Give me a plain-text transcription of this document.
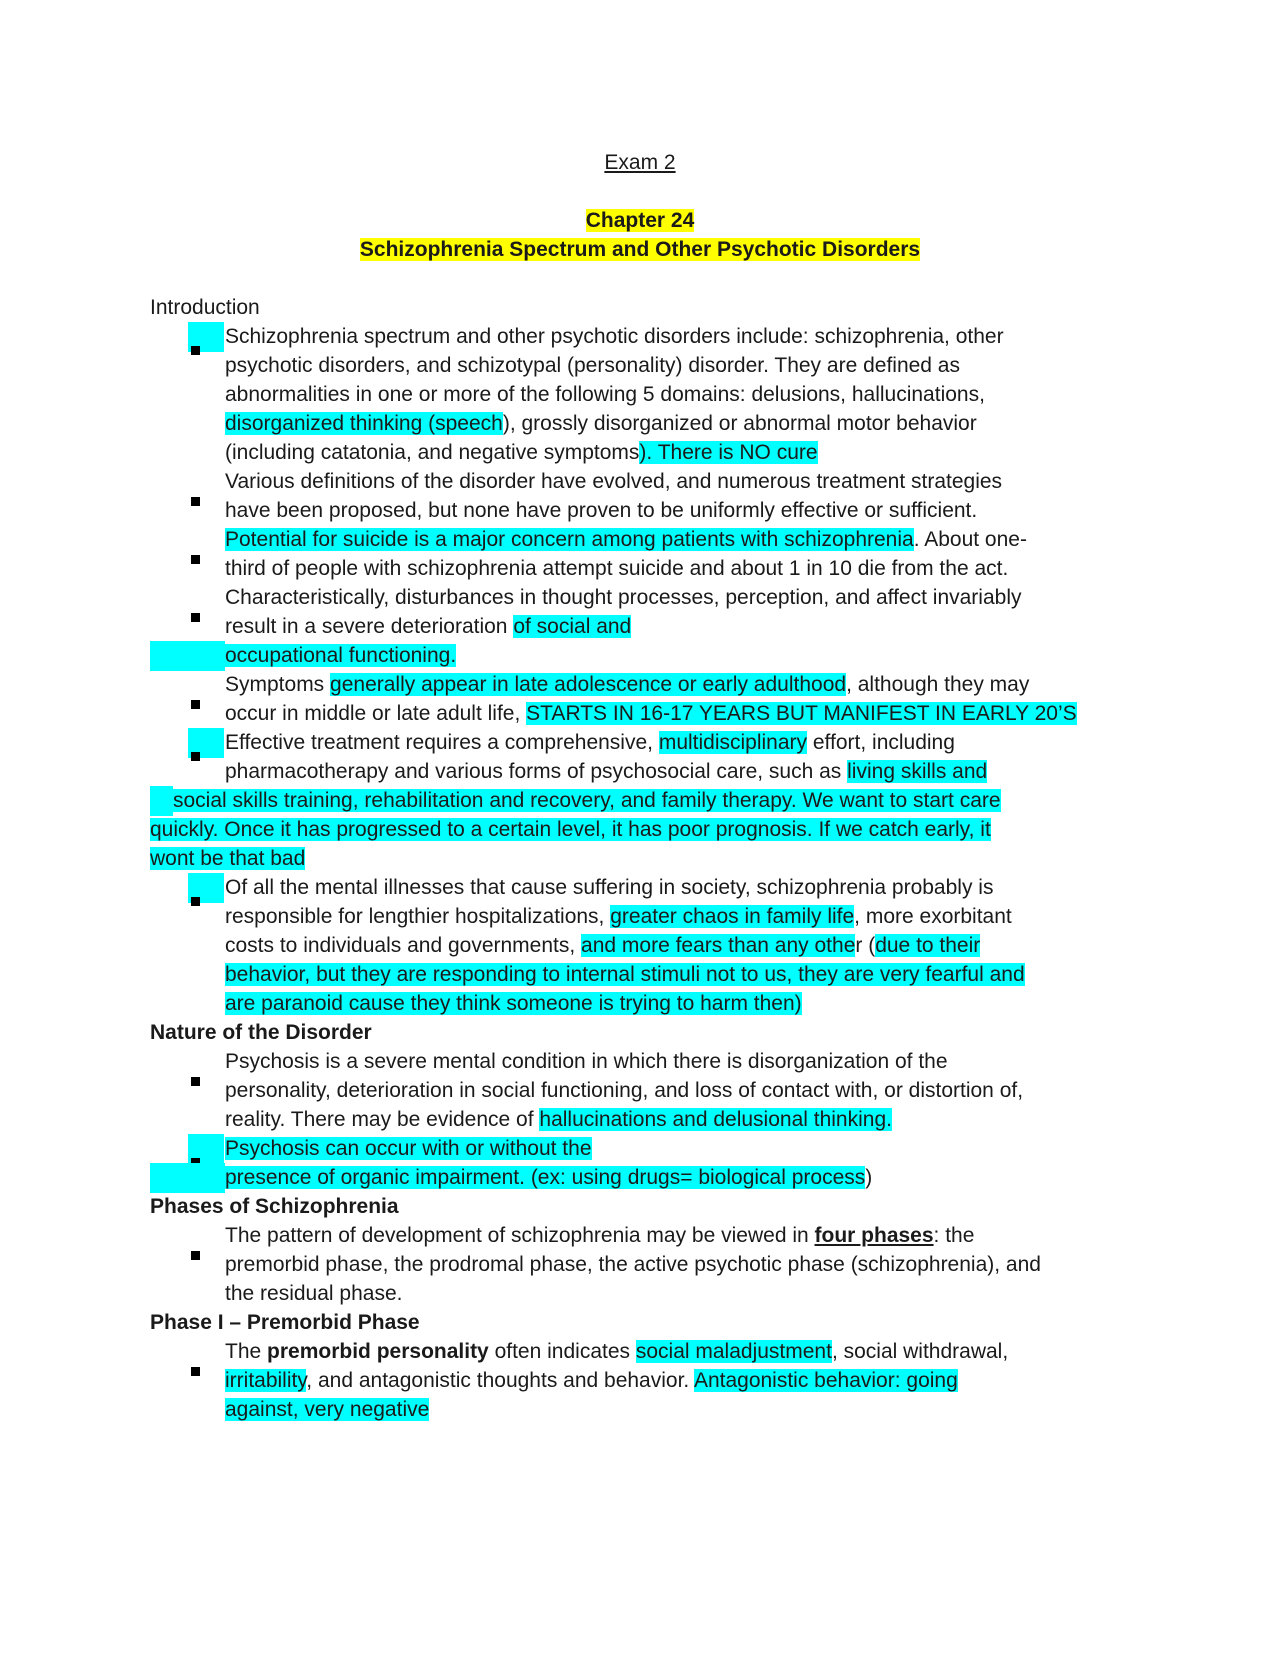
Exam 2
Chapter 24
Schizophrenia Spectrum and Other Psychotic Disorders
Introduction
Schizophrenia spectrum and other psychotic disorders include: schizophrenia, other
psychotic disorders, and schizotypal (personality) disorder. They are defined as
abnormalities in one or more of the following 5 domains: delusions, hallucinations,
disorganized thinking (speech), grossly disorganized or abnormal motor behavior
(including catatonia, and negative symptoms). There is NO cure
Various definitions of the disorder have evolved, and numerous treatment strategies
have been proposed, but none have proven to be uniformly effective or sufficient.
Potential for suicide is a major concern among patients with schizophrenia. About one-
third of people with schizophrenia attempt suicide and about 1 in 10 die from the act.
Characteristically, disturbances in thought processes, perception, and affect invariably
result in a severe deterioration of social and
occupational functioning.
Symptoms generally appear in late adolescence or early adulthood, although they may
occur in middle or late adult life, STARTS IN 16-17 YEARS BUT MANIFEST IN EARLY 20’S
Effective treatment requires a comprehensive, multidisciplinary effort, including
pharmacotherapy and various forms of psychosocial care, such as living skills and
social skills training, rehabilitation and recovery, and family therapy. We want to start care
quickly. Once it has progressed to a certain level, it has poor prognosis. If we catch early, it
wont be that bad
Of all the mental illnesses that cause suffering in society, schizophrenia probably is
responsible for lengthier hospitalizations, greater chaos in family life, more exorbitant
costs to individuals and governments, and more fears than any other (due to their
behavior, but they are responding to internal stimuli not to us, they are very fearful and
are paranoid cause they think someone is trying to harm then)
Nature of the Disorder
Psychosis is a severe mental condition in which there is disorganization of the
personality, deterioration in social functioning, and loss of contact with, or distortion of,
reality. There may be evidence of hallucinations and delusional thinking.
Psychosis can occur with or without the
presence of organic impairment. (ex: using drugs= biological process)
Phases of Schizophrenia
The pattern of development of schizophrenia may be viewed in four phases: the
premorbid phase, the prodromal phase, the active psychotic phase (schizophrenia), and
the residual phase.
Phase I – Premorbid Phase
The premorbid personality often indicates social maladjustment, social withdrawal,
irritability, and antagonistic thoughts and behavior. Antagonistic behavior: going
against, very negative
